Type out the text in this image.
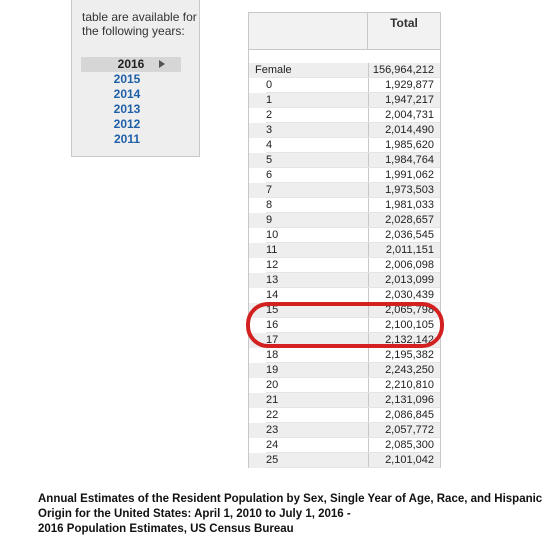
table are available for the following years:
2016
2015
2014
2013
2012
2011
Total
Female	156,964,212
0	1,929,877
1	1,947,217
2	2,004,731
3	2,014,490
4	1,985,620
5	1,984,764
6	1,991,062
7	1,973,503
8	1,981,033
9	2,028,657
10	2,036,545
11	2,011,151
12	2,006,098
13	2,013,099
14	2,030,439
15	2,065,798
16	2,100,105
17	2,132,142
18	2,195,382
19	2,243,250
20	2,210,810
21	2,131,096
22	2,086,845
23	2,057,772
24	2,085,300
25	2,101,042
Annual Estimates of the Resident Population by Sex, Single Year of Age, Race, and Hispanic
Origin for the United States: April 1, 2010 to July 1, 2016 -
2016 Population Estimates, US Census Bureau
